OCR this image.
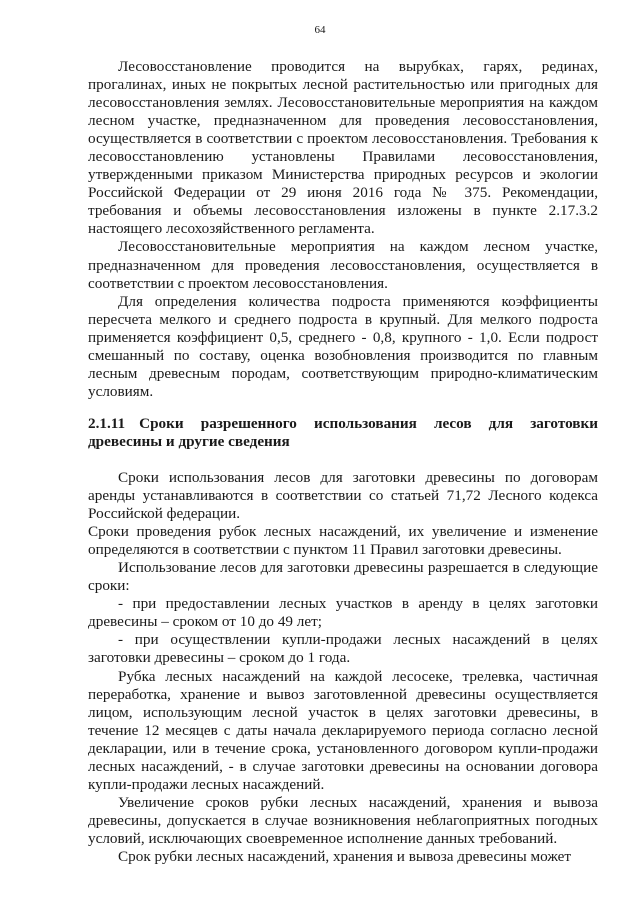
64

Лесовосстановление проводится на вырубках, гарях, рединах, прогалинах, иных не покрытых лесной растительностью или пригодных для лесовосстановления землях. Лесовосстановительные мероприятия на каждом лесном участке, предназначенном для проведения лесовосстановления, осуществляется в соответствии с проектом лесовосстановления. Требования к лесовосстановлению установлены Правилами лесовосстановления, утвержденными приказом Министерства природных ресурсов и экологии Российской Федерации от 29 июня 2016 года № 375. Рекомендации, требования и объемы лесовосстановления изложены в пункте 2.17.3.2 настоящего лесохозяйственного регламента.

Лесовосстановительные мероприятия на каждом лесном участке, предназначенном для проведения лесовосстановления, осуществляется в соответствии с проектом лесовосстановления.

Для определения количества подроста применяются коэффициенты пересчета мелкого и среднего подроста в крупный. Для мелкого подроста применяется коэффициент 0,5, среднего - 0,8, крупного - 1,0. Если подрост смешанный по составу, оценка возобновления производится по главным лесным древесным породам, соответствующим природно-климатическим условиям.

2.1.11 Сроки разрешенного использования лесов для заготовки древесины и другие сведения

Сроки использования лесов для заготовки древесины по договорам аренды устанавливаются в соответствии со статьей 71,72 Лесного кодекса Российской федерации.

Сроки проведения рубок лесных насаждений, их увеличение и изменение определяются в соответствии с пунктом 11 Правил заготовки древесины.

Использование лесов для заготовки древесины разрешается в следующие сроки:

- при предоставлении лесных участков в аренду в целях заготовки древесины – сроком от 10 до 49 лет;

- при осуществлении купли-продажи лесных насаждений в целях заготовки древесины – сроком до 1 года.

Рубка лесных насаждений на каждой лесосеке, трелевка, частичная переработка, хранение и вывоз заготовленной древесины осуществляется лицом, использующим лесной участок в целях заготовки древесины, в течение 12 месяцев с даты начала декларируемого периода согласно лесной декларации, или в течение срока, установленного договором купли-продажи лесных насаждений, - в случае заготовки древесины на основании договора купли-продажи лесных насаждений.

Увеличение сроков рубки лесных насаждений, хранения и вывоза древесины, допускается в случае возникновения неблагоприятных погодных условий, исключающих своевременное исполнение данных требований.

Срок рубки лесных насаждений, хранения и вывоза древесины может
